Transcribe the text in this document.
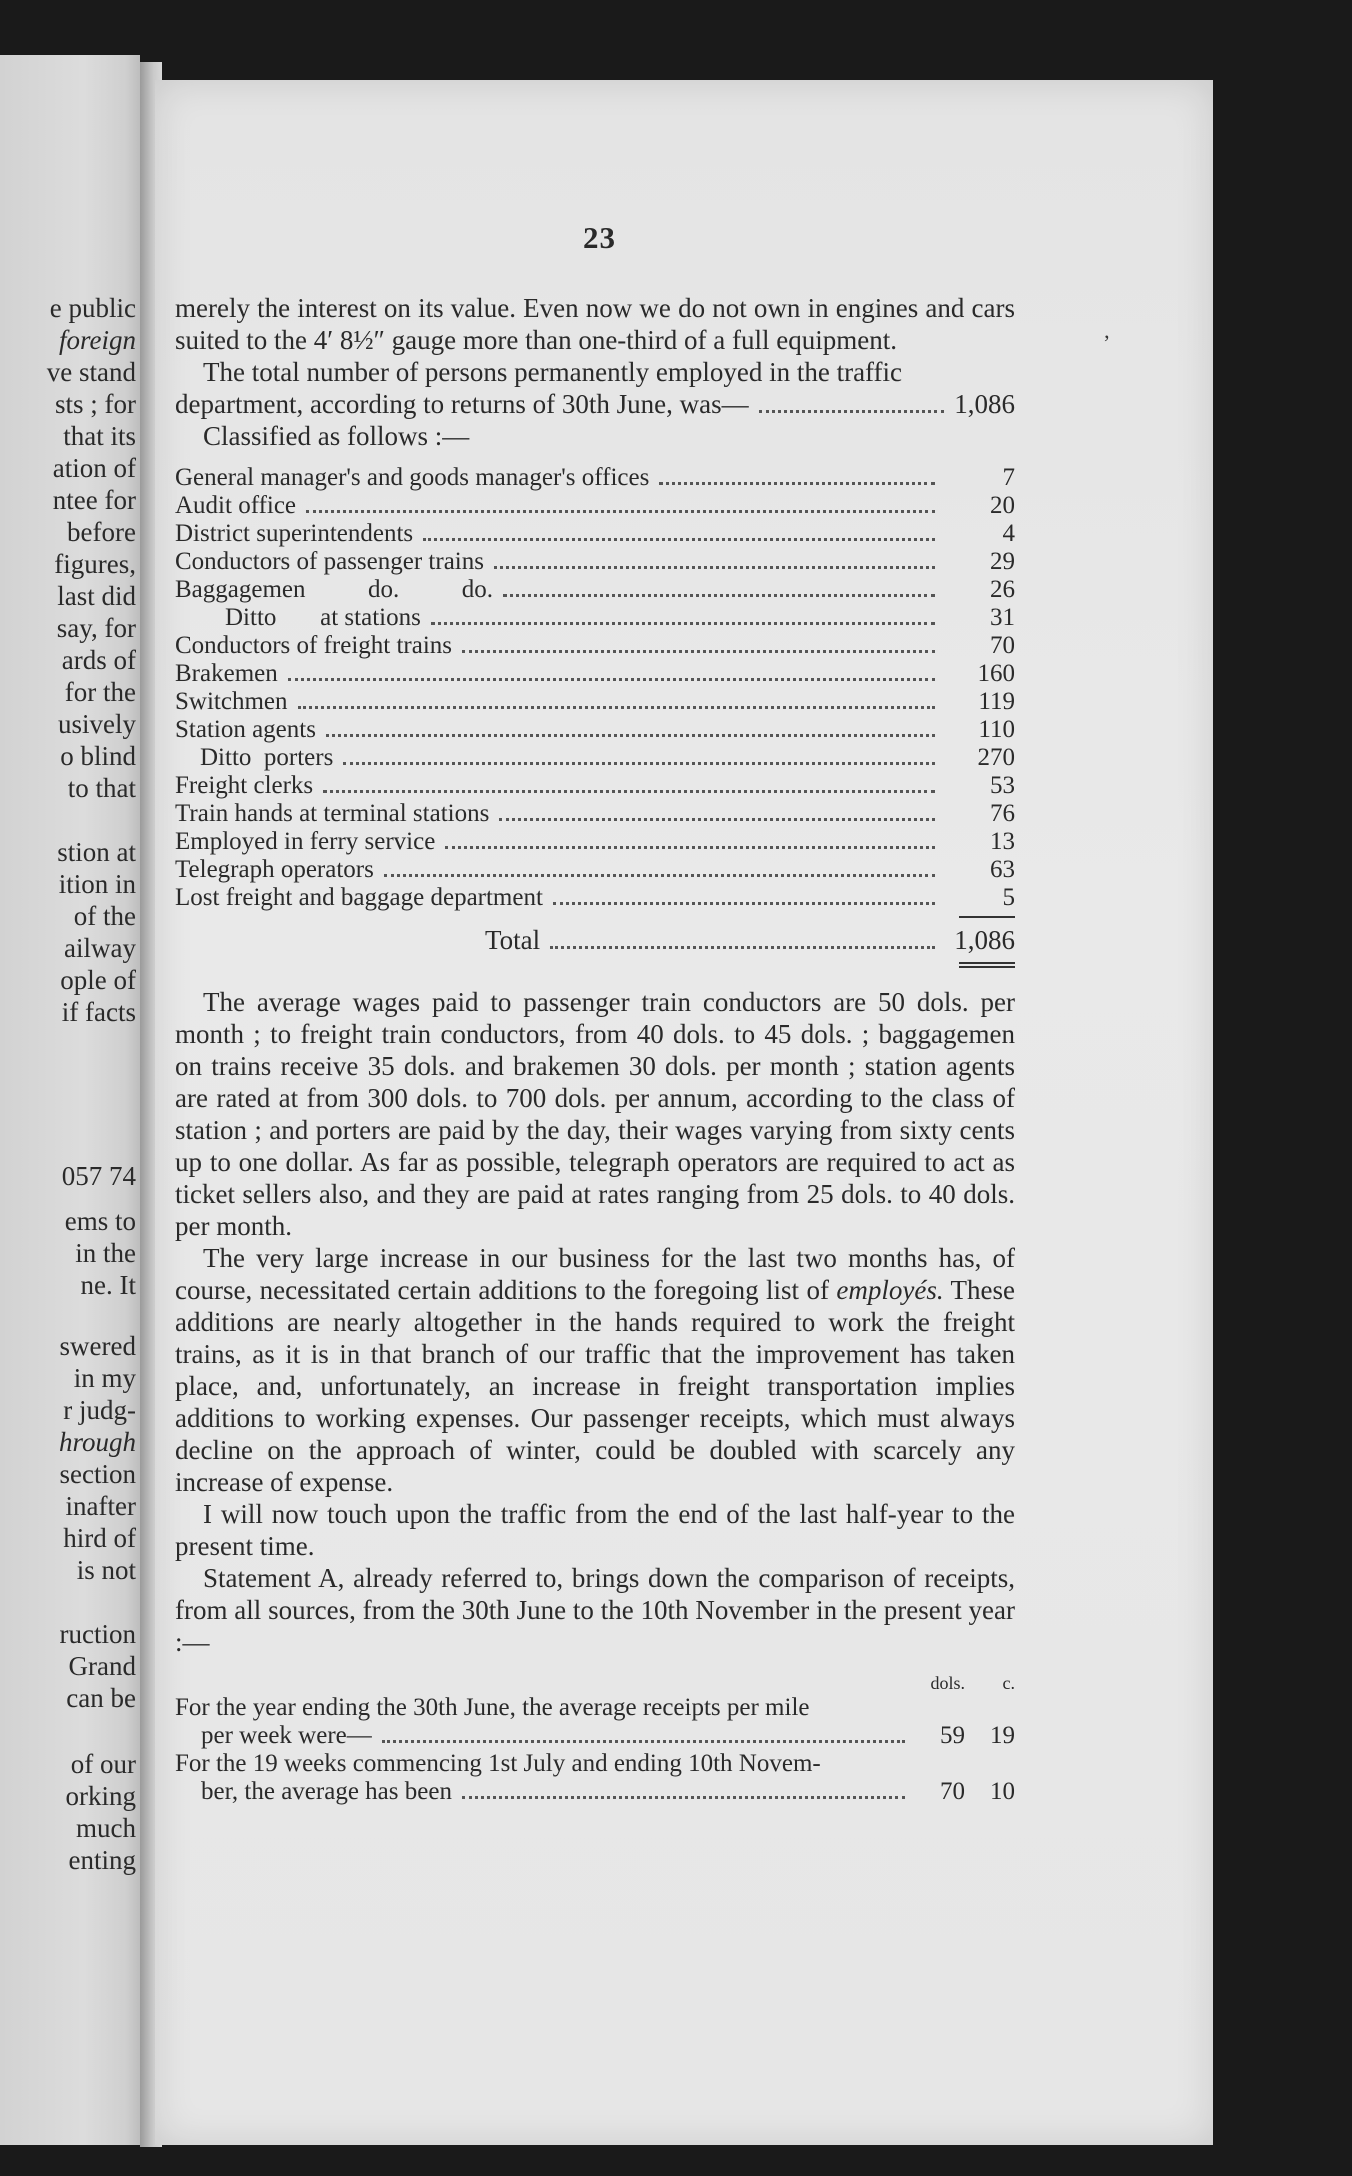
e public
foreign
ve stand
sts ; for
that its
ation of
ntee for
before
figures,
last did
say, for
ards of
for the
usively
o blind
to that
stion at
ition in
of the
ailway
ople of
if facts
057 74
ems to
in the
ne. It
swered
in my
r judg-
hrough
section
inafter
hird of
is not
ruction
Grand
can be
of our
orking
much
enting
23

merely the interest on its value. Even now we do not own in engines and cars suited to the 4′ 8½″ gauge more than one-third of a full equipment.

The total number of persons permanently employed in the traffic

department, according to returns of 30th June, was—	1,086

Classified as follows :—

General manager's and goods manager's offices	7
Audit office	20
District superintendents	4
Conductors of passenger trains	29
Baggagemen          do.          do.	26
Ditto       at stations	31
Conductors of freight trains	70
Brakemen	160
Switchmen	119
Station agents	110
Ditto  porters	270
Freight clerks	53
Train hands at terminal stations	76
Employed in ferry service	13
Telegraph operators	63
Lost freight and baggage department	5
Total	1,086

The average wages paid to passenger train conductors are 50 dols. per month ; to freight train conductors, from 40 dols. to 45 dols. ; baggagemen on trains receive 35 dols. and brakemen 30 dols. per month ; station agents are rated at from 300 dols. to 700 dols. per annum, according to the class of station ; and porters are paid by the day, their wages varying from sixty cents up to one dollar. As far as possible, telegraph operators are required to act as ticket sellers also, and they are paid at rates ranging from 25 dols. to 40 dols. per month.

The very large increase in our business for the last two months has, of course, necessitated certain additions to the foregoing list of employés. These additions are nearly altogether in the hands required to work the freight trains, as it is in that branch of our traffic that the improvement has taken place, and, unfortunately, an increase in freight transportation implies additions to working expenses. Our passenger receipts, which must always decline on the approach of winter, could be doubled with scarcely any increase of expense.

I will now touch upon the traffic from the end of the last half-year to the present time.

Statement A, already referred to, brings down the comparison of receipts, from all sources, from the 30th June to the 10th November in the present year :—

dols.	c.
For the year ending the 30th June, the average receipts per mile
per week were—	59	19
For the 19 weeks commencing 1st July and ending 10th Novem-
ber, the average has been	70	10
’
